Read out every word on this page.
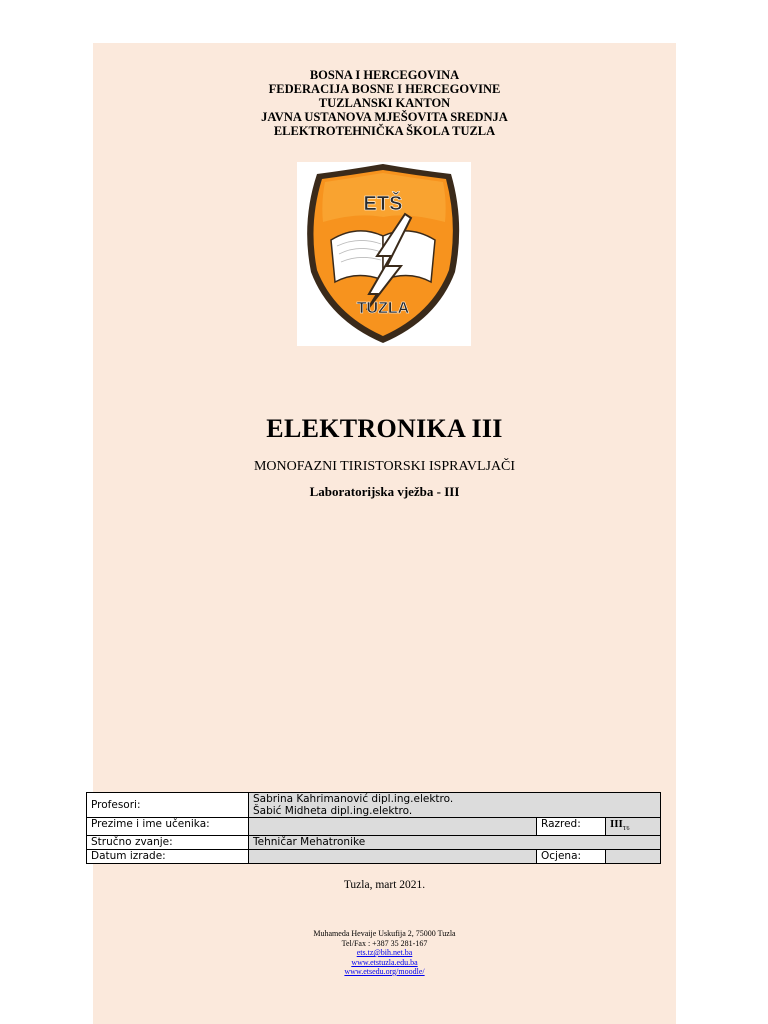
BOSNA I HERCEGOVINA
FEDERACIJA BOSNE I HERCEGOVINE
TUZLANSKI KANTON
JAVNA USTANOVA MJEŠOVITA SREDNJA
ELEKTROTEHNIČKA ŠKOLA TUZLA
ETŠ
TUZLA
ELEKTRONIKA III
MONOFAZNI TIRISTORSKI ISPRAVLJAČI
Laboratorijska vježba - III
Profesori:	Sabrina Kahrimanović dipl.ing.elektro.
Šabić Midheta dipl.ing.elektro.		

Prezime i ime učenika:		Razred:	$III_{T6}$
Stručno zvanje:	Tehničar Mehatronike		
Datum izrade:		Ocjena:	
Tuzla, mart 2021.
Muhameda Hevaije Uskufija 2, 75000 Tuzla
Tel/Fax : +387 35 281-167
ets.tz@bih.net.ba
www.etstuzla.edu.ba
www.etsedu.org/moodle/
